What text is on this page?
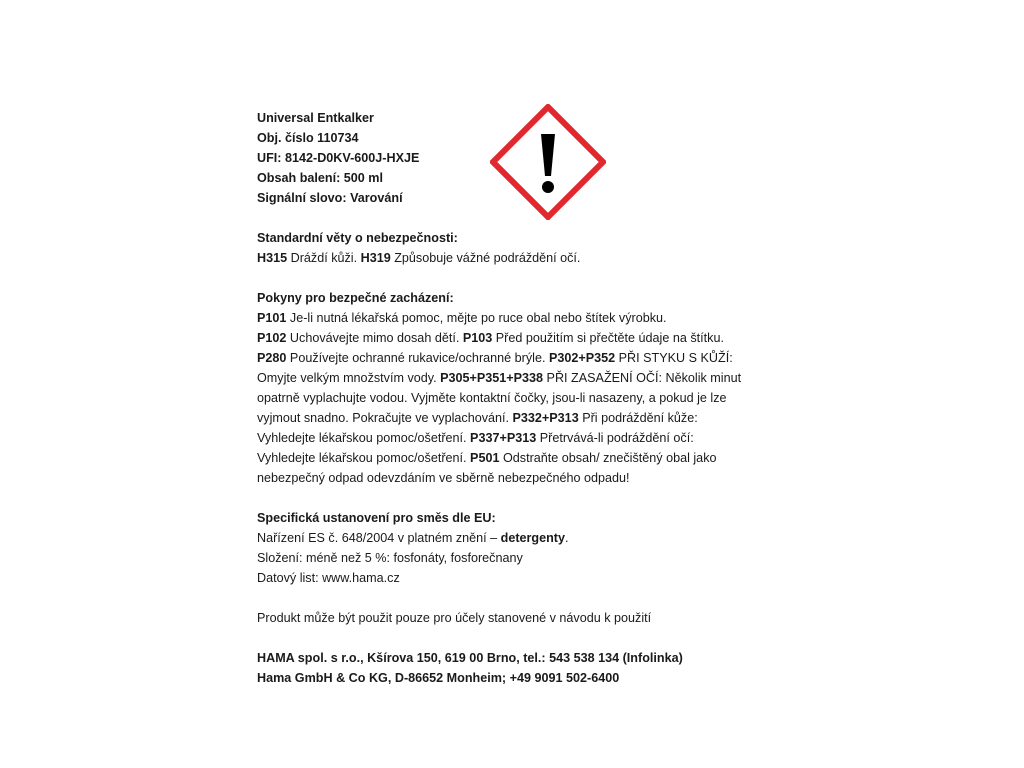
Universal Entkalker

Obj. číslo 110734

UFI: 8142-D0KV-600J-HXJE

Obsah balení: 500 ml

Signální slovo: Varování

Standardní věty o nebezpečnosti:

H315 Dráždí kůži. H319 Způsobuje vážné podráždění očí.

Pokyny pro bezpečné zacházení:

P101 Je-li nutná lékařská pomoc, mějte po ruce obal nebo štítek výrobku.

P102 Uchovávejte mimo dosah dětí. P103 Před použitím si přečtěte údaje na štítku.

P280 Používejte ochranné rukavice/ochranné brýle. P302+P352 PŘI STYKU S KŮŽÍ:

Omyjte velkým množstvím vody. P305+P351+P338 PŘI ZASAŽENÍ OČÍ: Několik minut

opatrně vyplachujte vodou. Vyjměte kontaktní čočky, jsou-li nasazeny, a pokud je lze

vyjmout snadno. Pokračujte ve vyplachování. P332+P313 Při podráždění kůže:

Vyhledejte lékařskou pomoc/ošetření. P337+P313 Přetrvává-li podráždění očí:

Vyhledejte lékařskou pomoc/ošetření. P501 Odstraňte obsah/ znečištěný obal jako

nebezpečný odpad odevzdáním ve sběrně nebezpečného odpadu!

Specifická ustanovení pro směs dle EU:

Nařízení ES č. 648/2004 v platném znění – detergenty.

Složení: méně než 5 %: fosfonáty, fosforečnany

Datový list: www.hama.cz

Produkt může být použit pouze pro účely stanovené v návodu k použití

HAMA spol. s r.o., Kšírova 150, 619 00 Brno, tel.: 543 538 134 (Infolinka)

Hama GmbH & Co KG, D-86652 Monheim; +49 9091 502-6400
